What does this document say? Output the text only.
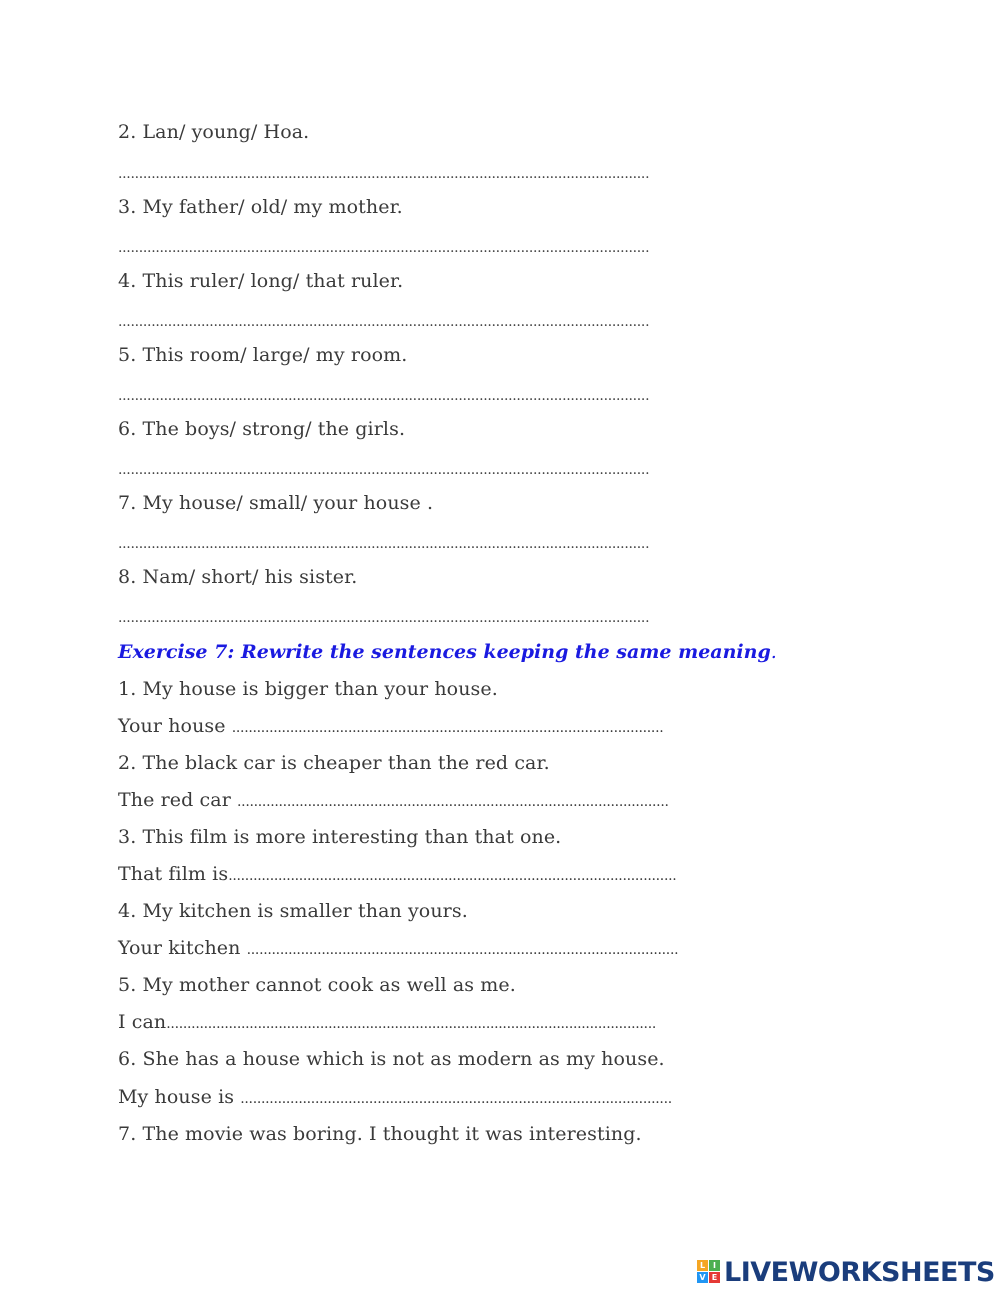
2. Lan/ young/ Hoa.
................................................................................................................................
3. My father/ old/ my mother.
................................................................................................................................
4. This ruler/ long/ that ruler.
................................................................................................................................
5. This room/ large/ my room.
................................................................................................................................
6. The boys/ strong/ the girls.
................................................................................................................................
7. My house/ small/ your house .
................................................................................................................................
8. Nam/ short/ his sister.
................................................................................................................................
Exercise 7: Rewrite the sentences keeping the same meaning.
1. My house is bigger than your house.
Your house ........................................................................................................
2. The black car is cheaper than the red car.
The red car ........................................................................................................
3. This film is more interesting than that one.
That film is............................................................................................................
4. My kitchen is smaller than yours.
Your kitchen ........................................................................................................
5. My mother cannot cook as well as me.
I can......................................................................................................................
6. She has a house which is not as modern as my house.
My house is ........................................................................................................
7. The movie was boring. I thought it was interesting.
L I
V E LIVEWORKSHEETS
